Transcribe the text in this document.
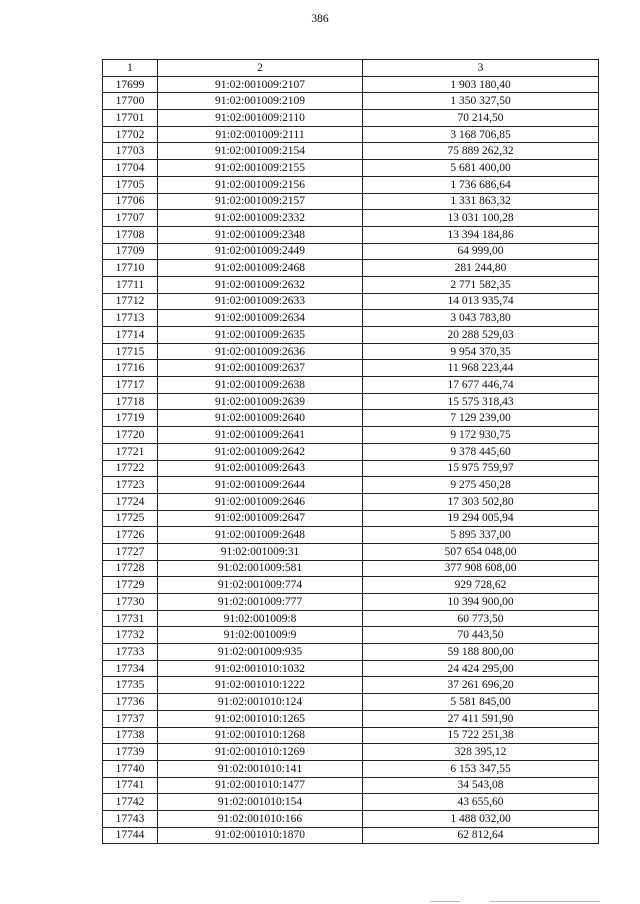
386
1	2	3
17699	91:02:001009:2107	1 903 180,40
17700	91:02:001009:2109	1 350 327,50
17701	91:02:001009:2110	70 214,50
17702	91:02:001009:2111	3 168 706,85
17703	91:02:001009:2154	75 889 262,32
17704	91:02:001009:2155	5 681 400,00
17705	91:02:001009:2156	1 736 686,64
17706	91:02:001009:2157	1 331 863,32
17707	91:02:001009:2332	13 031 100,28
17708	91:02:001009:2348	13 394 184,86
17709	91:02:001009:2449	64 999,00
17710	91:02:001009:2468	281 244,80
17711	91:02:001009:2632	2 771 582,35
17712	91:02:001009:2633	14 013 935,74
17713	91:02:001009:2634	3 043 783,80
17714	91:02:001009:2635	20 288 529,03
17715	91:02:001009:2636	9 954 370,35
17716	91:02:001009:2637	11 968 223,44
17717	91:02:001009:2638	17 677 446,74
17718	91:02:001009:2639	15 575 318,43
17719	91:02:001009:2640	7 129 239,00
17720	91:02:001009:2641	9 172 930,75
17721	91:02:001009:2642	9 378 445,60
17722	91:02:001009:2643	15 975 759,97
17723	91:02:001009:2644	9 275 450,28
17724	91:02:001009:2646	17 303 502,80
17725	91:02:001009:2647	19 294 005,94
17726	91:02:001009:2648	5 895 337,00
17727	91:02:001009:31	507 654 048,00
17728	91:02:001009:581	377 908 608,00
17729	91:02:001009:774	929 728,62
17730	91:02:001009:777	10 394 900,00
17731	91:02:001009:8	60 773,50
17732	91:02:001009:9	70 443,50
17733	91:02:001009:935	59 188 800,00
17734	91:02:001010:1032	24 424 295,00
17735	91:02:001010:1222	37 261 696,20
17736	91:02:001010:124	5 581 845,00
17737	91:02:001010:1265	27 411 591,90
17738	91:02:001010:1268	15 722 251,38
17739	91:02:001010:1269	328 395,12
17740	91:02:001010:141	6 153 347,55
17741	91:02:001010:1477	34 543,08
17742	91:02:001010:154	43 655,60
17743	91:02:001010:166	1 488 032,00
17744	91:02:001010:1870	62 812,64
